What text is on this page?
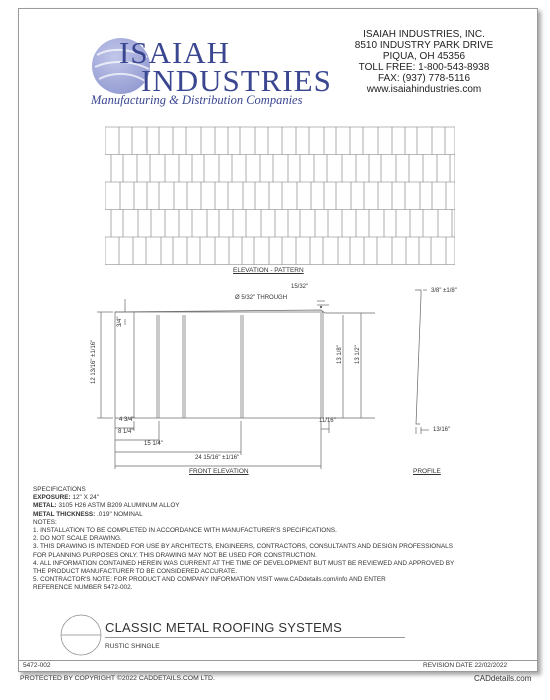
ISAIAH
INDUSTRIES
Manufacturing & Distribution Companies
ISAIAH INDUSTRIES, INC.
8510 INDUSTRY PARK DRIVE
PIQUA, OH 45356
TOLL FREE: 1-800-543-8938
FAX: (937) 778-5116
www.isaiahindustries.com
ELEVATION - PATTERN
15/32"
Ø 5/32" THROUGH
3/4"
12 13/16" ±1/16"	13 1/8" 13 1/2"
4 3/4"
8 1/4"
15 1/4"
24 15/16" ±1/16"
11/16"
FRONT ELEVATION
3/8" ±1/8"
13/16"
PROFILE
SPECIFICATIONS
EXPOSURE: 12" X 24"
METAL: 3105 H26 ASTM B209 ALUMINUM ALLOY
METAL THICKNESS: .019" NOMINAL
NOTES:
1. INSTALLATION TO BE COMPLETED IN ACCORDANCE WITH MANUFACTURER'S SPECIFICATIONS.
2. DO NOT SCALE DRAWING.
3. THIS DRAWING IS INTENDED FOR USE BY ARCHITECTS, ENGINEERS, CONTRACTORS, CONSULTANTS AND DESIGN PROFESSIONALS
FOR PLANNING PURPOSES ONLY. THIS DRAWING MAY NOT BE USED FOR CONSTRUCTION.
4. ALL INFORMATION CONTAINED HEREIN WAS CURRENT AT THE TIME OF DEVELOPMENT BUT MUST BE REVIEWED AND APPROVED BY
THE PRODUCT MANUFACTURER TO BE CONSIDERED ACCURATE.
5. CONTRACTOR'S NOTE: FOR PRODUCT AND COMPANY INFORMATION VISIT www.CADdetails.com/info AND ENTER
REFERENCE NUMBER 5472-002.
CLASSIC METAL ROOFING SYSTEMS
RUSTIC SHINGLE
5472-002	REVISION DATE 22/02/2022
PROTECTED BY COPYRIGHT ©2022 CADDETAILS.COM LTD.	CADdetails.com
